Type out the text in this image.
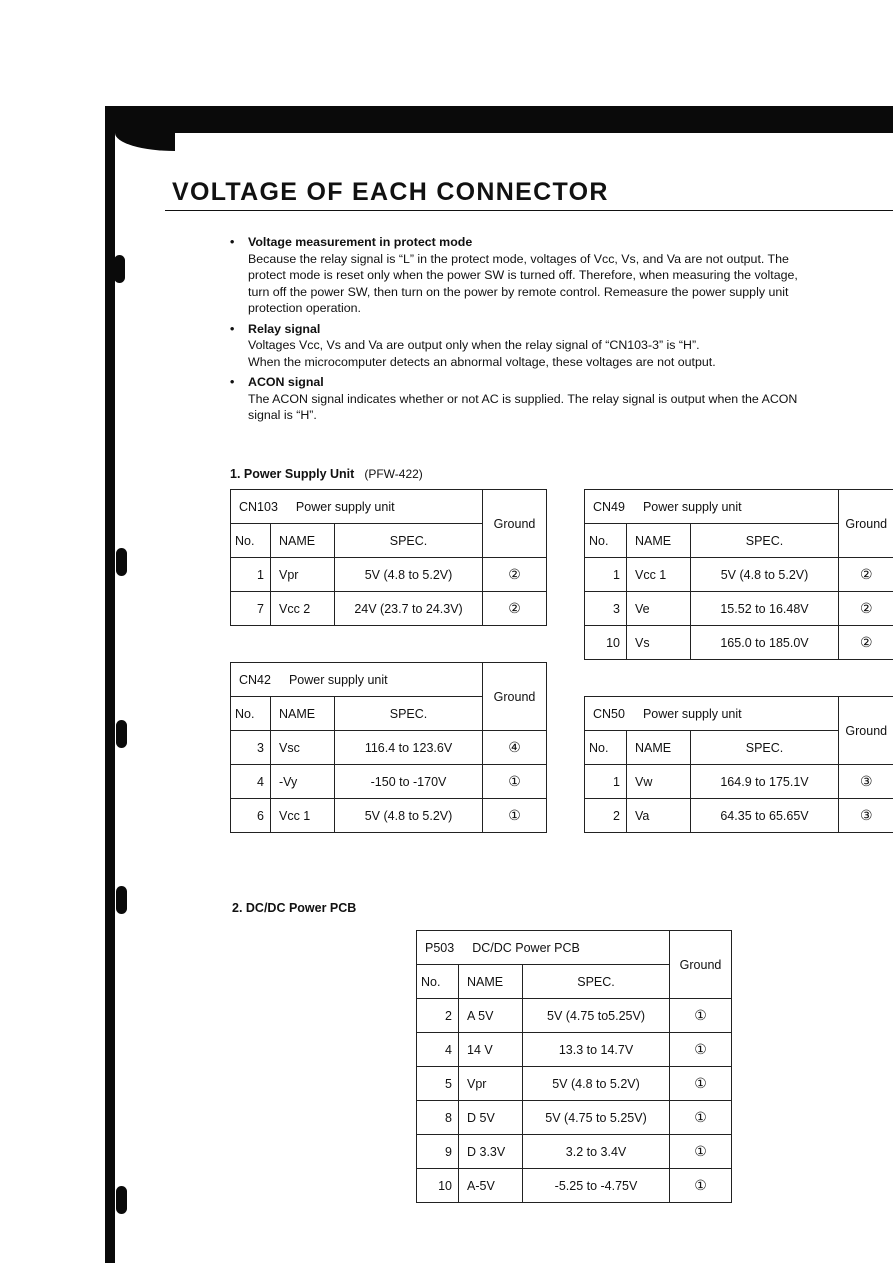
VOLTAGE OF EACH CONNECTOR
• Voltage measurement in protect mode
Because the relay signal is “L” in the protect mode, voltages of Vcc, Vs, and Va are not output. The
protect mode is reset only when the power SW is turned off. Therefore, when measuring the voltage,
turn off the power SW, then turn on the power by remote control. Remeasure the power supply unit
protection operation.
• Relay signal
Voltages Vcc, Vs and Va are output only when the relay signal of “CN103-3” is “H”.
When the microcomputer detects an abnormal voltage, these voltages are not output.
• ACON signal
The ACON signal indicates whether or not AC is supplied. The relay signal is output when the ACON
signal is “H”.
1. Power Supply Unit (PFW-422)
CN103 Power supply unit			Ground
No.	NAME	SPEC.	
1	Vpr	5V (4.8 to 5.2V)	②
7	Vcc 2	24V (23.7 to 24.3V)	②
CN49 Power supply unit			Ground
No.	NAME	SPEC.	
1	Vcc 1	5V (4.8 to 5.2V)	②
3	Ve	15.52 to 16.48V	②
10	Vs	165.0 to 185.0V	②
CN42 Power supply unit			Ground
No.	NAME	SPEC.	
3	Vsc	116.4 to 123.6V	④
4	-Vy	-150 to -170V	①
6	Vcc 1	5V (4.8 to 5.2V)	①
CN50 Power supply unit			Ground
No.	NAME	SPEC.	
1	Vw	164.9 to 175.1V	③
2	Va	64.35 to 65.65V	③
2. DC/DC Power PCB
P503 DC/DC Power PCB			Ground
No.	NAME	SPEC.	
2	A 5V	5V (4.75 to5.25V)	①
4	14 V	13.3 to 14.7V	①
5	Vpr	5V (4.8 to 5.2V)	①
8	D 5V	5V (4.75 to 5.25V)	①
9	D 3.3V	3.2 to 3.4V	①
10	A-5V	-5.25 to -4.75V	①
